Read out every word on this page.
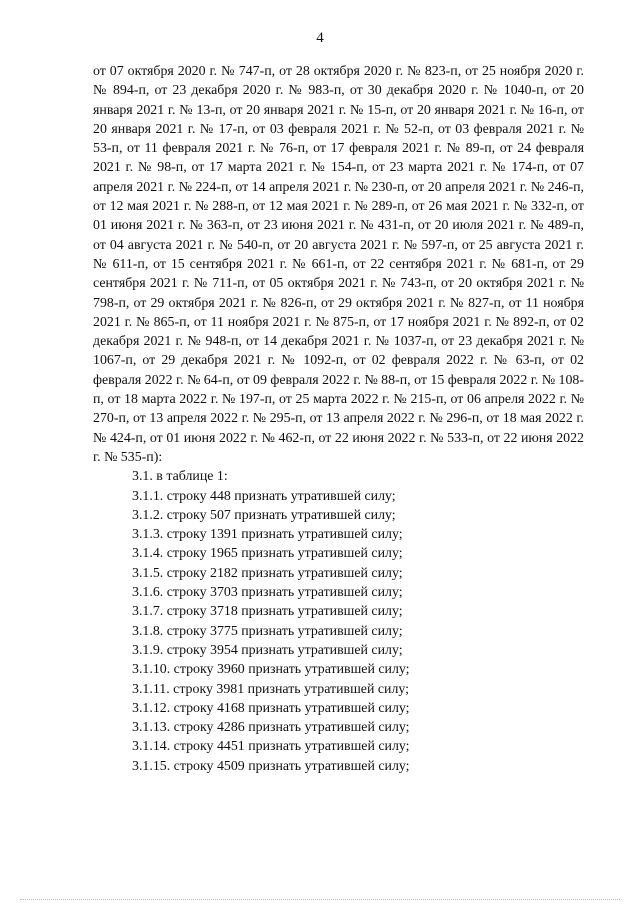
4

от 07 октября 2020 г. № 747-п, от 28 октября 2020 г. № 823-п, от 25 ноября 2020 г. № 894-п, от 23 декабря 2020 г. № 983-п, от 30 декабря 2020 г. № 1040-п, от 20 января 2021 г. № 13-п, от 20 января 2021 г. № 15-п, от 20 января 2021 г. № 16-п, от 20 января 2021 г. № 17-п, от 03 февраля 2021 г. № 52-п, от 03 февраля 2021 г. № 53-п, от 11 февраля 2021 г. № 76-п, от 17 февраля 2021 г. № 89-п, от 24 февраля 2021 г. № 98-п, от 17 марта 2021 г. № 154-п, от 23 марта 2021 г. № 174-п, от 07 апреля 2021 г. № 224-п, от 14 апреля 2021 г. № 230-п, от 20 апреля 2021 г. № 246-п, от 12 мая 2021 г. № 288-п, от 12 мая 2021 г. № 289-п, от 26 мая 2021 г. № 332-п, от 01 июня 2021 г. № 363-п, от 23 июня 2021 г. № 431-п, от 20 июля 2021 г. № 489-п, от 04 августа 2021 г. № 540-п, от 20 августа 2021 г. № 597-п, от 25 августа 2021 г. № 611-п, от 15 сентября 2021 г. № 661-п, от 22 сентября 2021 г. № 681-п, от 29 сентября 2021 г. № 711-п, от 05 октября 2021 г. № 743-п, от 20 октября 2021 г. № 798-п, от 29 октября 2021 г. № 826-п, от 29 октября 2021 г. № 827-п, от 11 ноября 2021 г. № 865-п, от 11 ноября 2021 г. № 875-п, от 17 ноября 2021 г. № 892-п, от 02 декабря 2021 г. № 948-п, от 14 декабря 2021 г. № 1037-п, от 23 декабря 2021 г. № 1067-п, от 29 декабря 2021 г. № 1092-п, от 02 февраля 2022 г. № 63-п, от 02 февраля 2022 г. № 64-п, от 09 февраля 2022 г. № 88-п, от 15 февраля 2022 г. № 108-п, от 18 марта 2022 г. № 197-п, от 25 марта 2022 г. № 215-п, от 06 апреля 2022 г. № 270-п, от 13 апреля 2022 г. № 295-п, от 13 апреля 2022 г. № 296-п, от 18 мая 2022 г. № 424-п, от 01 июня 2022 г. № 462-п, от 22 июня 2022 г. № 533-п, от 22 июня 2022 г. № 535-п):

3.1. в таблице 1:
3.1.1. строку 448 признать утратившей силу;
3.1.2. строку 507 признать утратившей силу;
3.1.3. строку 1391 признать утратившей силу;
3.1.4. строку 1965 признать утратившей силу;
3.1.5. строку 2182 признать утратившей силу;
3.1.6. строку 3703 признать утратившей силу;
3.1.7. строку 3718 признать утратившей силу;
3.1.8. строку 3775 признать утратившей силу;
3.1.9. строку 3954 признать утратившей силу;
3.1.10. строку 3960 признать утратившей силу;
3.1.11. строку 3981 признать утратившей силу;
3.1.12. строку 4168 признать утратившей силу;
3.1.13. строку 4286 признать утратившей силу;
3.1.14. строку 4451 признать утратившей силу;
3.1.15. строку 4509 признать утратившей силу;
